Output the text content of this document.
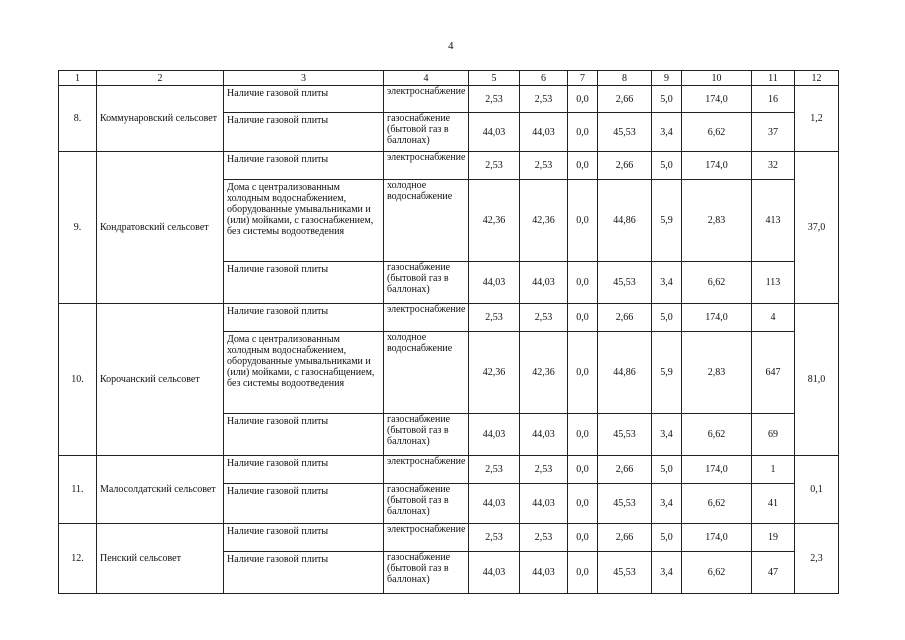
4
1	2	3	4	5	6	7	8	9	10	11	12
8.	Коммунаровский сельсовет	Наличие газовой плиты	электроснабжение	2,53	2,53	0,0	2,66	5,0	174,0	16	1,2
		Наличие газовой плиты	газоснабжение (бытовой газ в баллонах)	44,03	44,03	0,0	45,53	3,4	6,62	37	
9.	Кондратовский сельсовет	Наличие газовой плиты	электроснабжение	2,53	2,53	0,0	2,66	5,0	174,0	32	37,0
		Дома с централизованным холодным водоснабжением, оборудованные умывальниками и (или) мойками, с газоснабжением, без системы водоотведения	холодное водоснабжение	42,36	42,36	0,0	44,86	5,9	2,83	413	
		Наличие газовой плиты	газоснабжение (бытовой газ в баллонах)	44,03	44,03	0,0	45,53	3,4	6,62	113	
10.	Корочанский сельсовет	Наличие газовой плиты	электроснабжение	2,53	2,53	0,0	2,66	5,0	174,0	4	81,0
		Дома с централизованным холодным водоснабжением, оборудованные умывальниками и (или) мойками, с газоснабщением, без системы водоотведения	холодное водоснабжение	42,36	42,36	0,0	44,86	5,9	2,83	647	
		Наличие газовой плиты	газоснабжение (бытовой газ в баллонах)	44,03	44,03	0,0	45,53	3,4	6,62	69	
11.	Малосолдатский сельсовет	Наличие газовой плиты	электроснабжение	2,53	2,53	0,0	2,66	5,0	174,0	1	0,1
		Наличие газовой плиты	газоснабжение (бытовой газ в баллонах)	44,03	44,03	0,0	45,53	3,4	6,62	41	
12.	Пенский сельсовет	Наличие газовой плиты	электроснабжение	2,53	2,53	0,0	2,66	5,0	174,0	19	2,3
		Наличие газовой плиты	газоснабжение (бытовой газ в баллонах)	44,03	44,03	0,0	45,53	3,4	6,62	47	
